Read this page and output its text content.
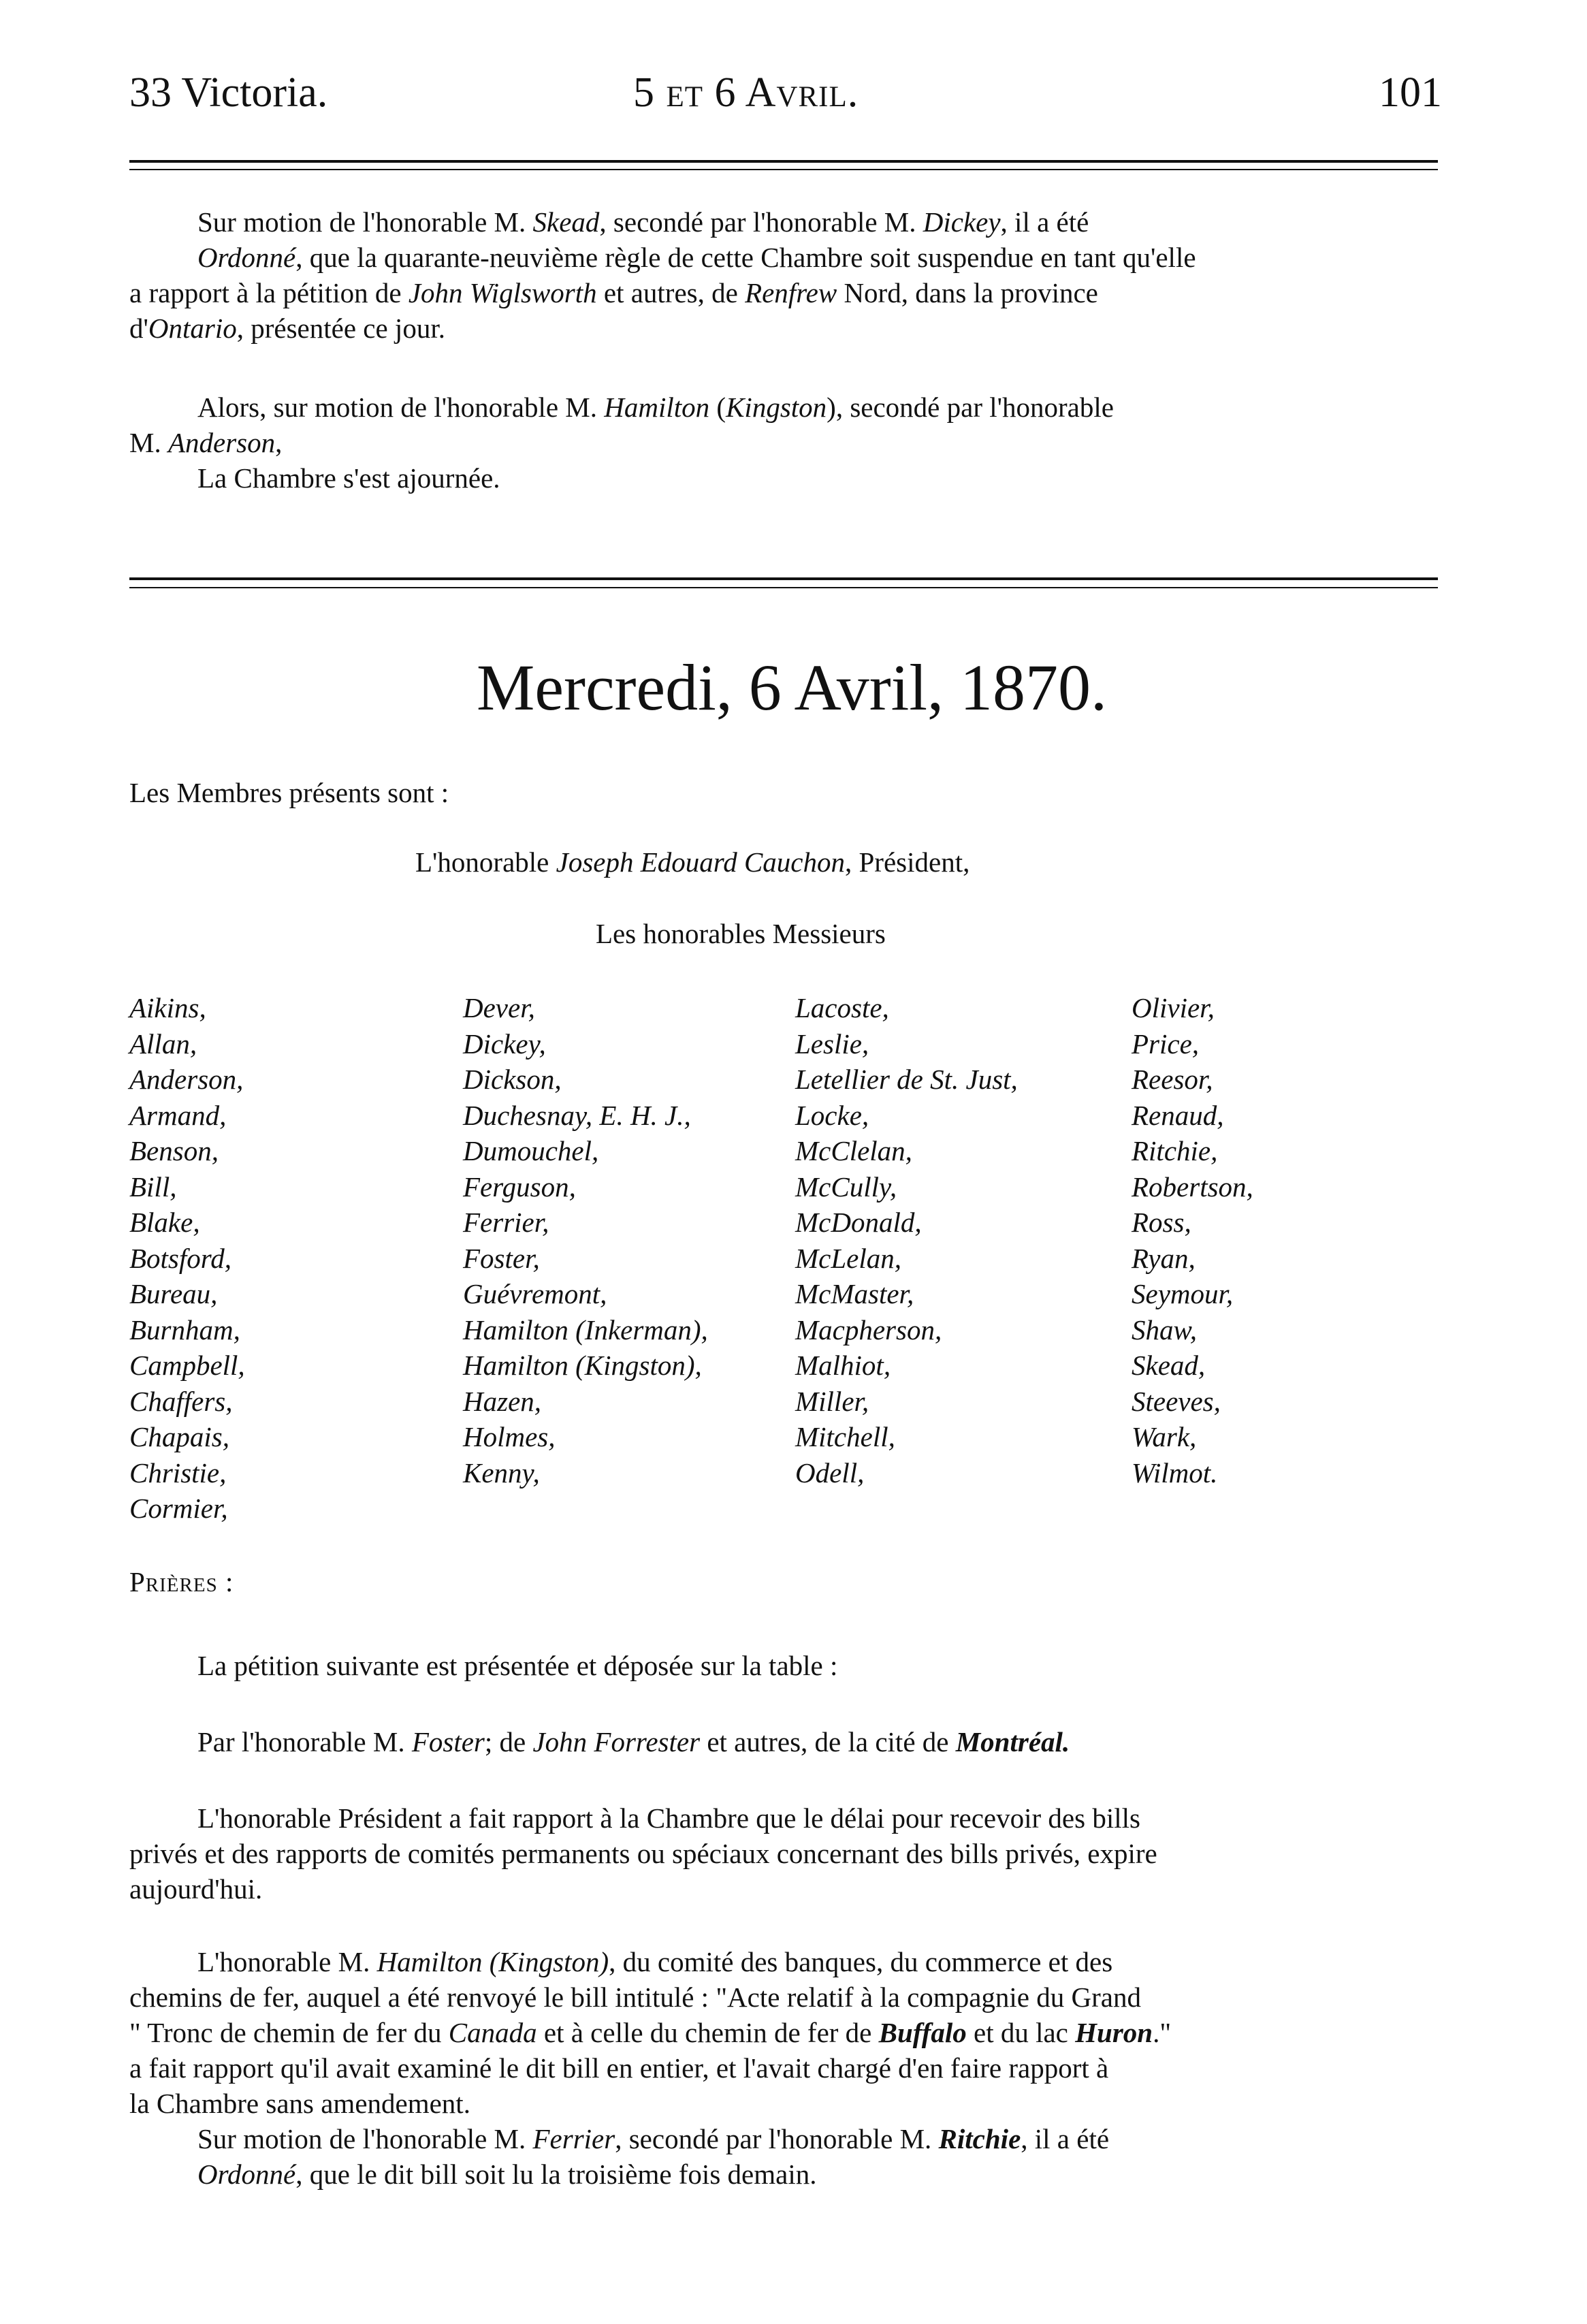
33 Victoria.	5 et 6 Avril.	101
Sur motion de l'honorable M. Skead, secondé par l'honorable M. Dickey, il a été
Ordonné, que la quarante-neuvième règle de cette Chambre soit suspendue en tant qu'elle
a rapport à la pétition de John Wiglsworth et autres, de Renfrew Nord, dans la province
d'Ontario, présentée ce jour.
Alors, sur motion de l'honorable M. Hamilton (Kingston), secondé par l'honorable
M. Anderson,
La Chambre s'est ajournée.
Mercredi, 6 Avril, 1870.
Les Membres présents sont :
L'honorable Joseph Edouard Cauchon, Président,
Les honorables Messieurs
Aikins,
Allan,
Anderson,
Armand,
Benson,
Bill,
Blake,
Botsford,
Bureau,
Burnham,
Campbell,
Chaffers,
Chapais,
Christie,
Cormier,
Dever,
Dickey,
Dickson,
Duchesnay, E. H. J.,
Dumouchel,
Ferguson,
Ferrier,
Foster,
Guévremont,
Hamilton (Inkerman),
Hamilton (Kingston),
Hazen,
Holmes,
Kenny,
Lacoste,
Leslie,
Letellier de St. Just,
Locke,
McClelan,
McCully,
McDonald,
McLelan,
McMaster,
Macpherson,
Malhiot,
Miller,
Mitchell,
Odell,
Olivier,
Price,
Reesor,
Renaud,
Ritchie,
Robertson,
Ross,
Ryan,
Seymour,
Shaw,
Skead,
Steeves,
Wark,
Wilmot.
Prières :
La pétition suivante est présentée et déposée sur la table :
Par l'honorable M. Foster; de John Forrester et autres, de la cité de Montréal.
L'honorable Président a fait rapport à la Chambre que le délai pour recevoir des bills
privés et des rapports de comités permanents ou spéciaux concernant des bills privés, expire
aujourd'hui.
L'honorable M. Hamilton (Kingston), du comité des banques, du commerce et des
chemins de fer, auquel a été renvoyé le bill intitulé : "Acte relatif à la compagnie du Grand
" Tronc de chemin de fer du Canada et à celle du chemin de fer de Buffalo et du lac Huron."
a fait rapport qu'il avait examiné le dit bill en entier, et l'avait chargé d'en faire rapport à
la Chambre sans amendement.
Sur motion de l'honorable M. Ferrier, secondé par l'honorable M. Ritchie, il a été
Ordonné, que le dit bill soit lu la troisième fois demain.
